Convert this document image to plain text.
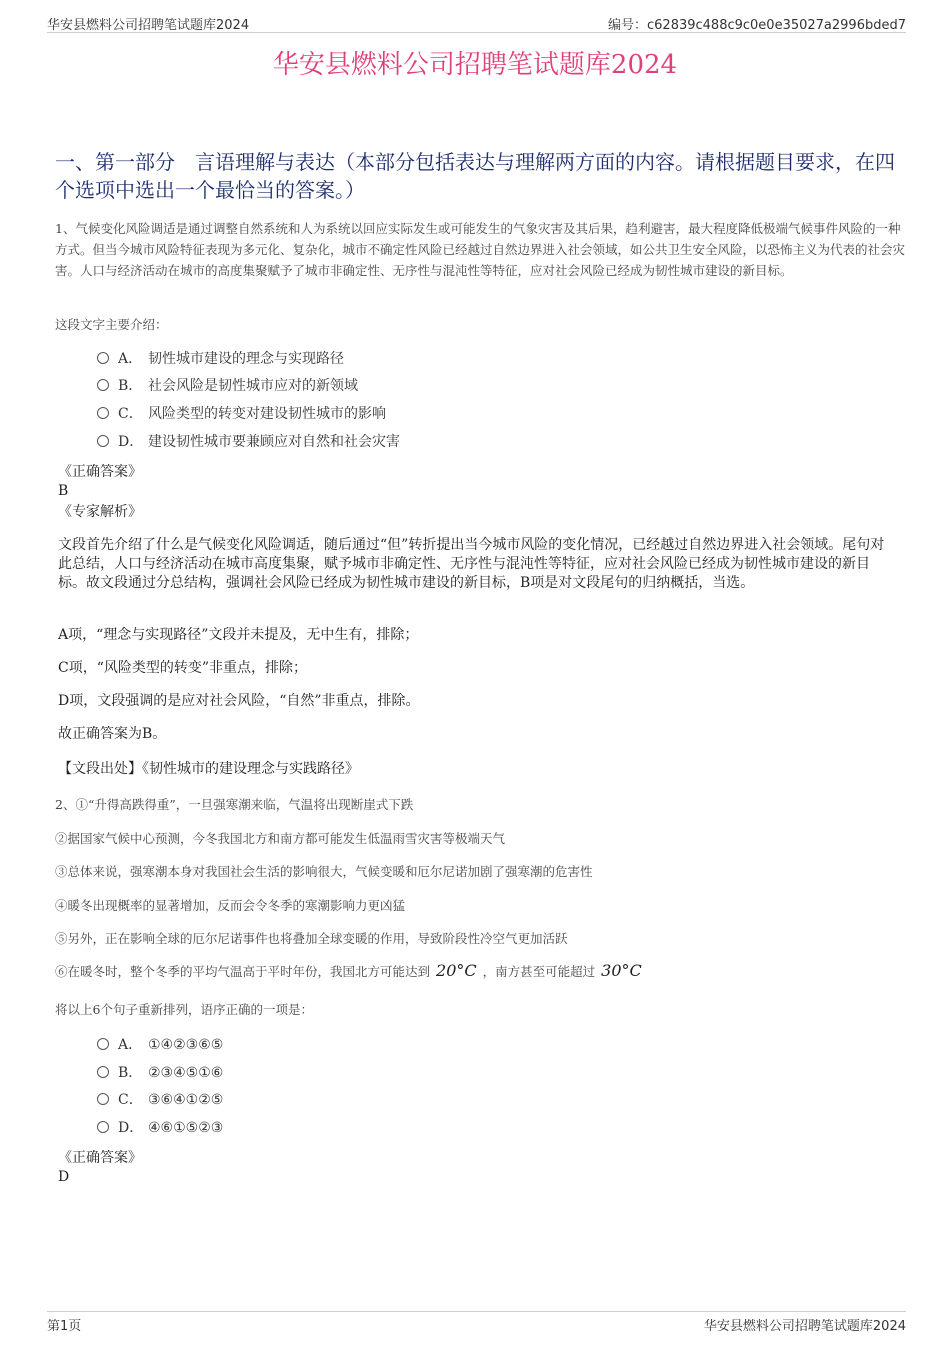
华安县燃料公司招聘笔试题库2024	编号：c62839c488c9c0e0e35027a2996bded7
华安县燃料公司招聘笔试题库2024
一、第一部分　言语理解与表达（本部分包括表达与理解两方面的内容。请根据题目要求，在四个选项中选出一个最恰当的答案。）
1、气候变化风险调适是通过调整自然系统和人为系统以回应实际发生或可能发生的气象灾害及其后果，趋利避害，最大程度降低极端气候事件风险的一种方式。但当今城市风险特征表现为多元化、复杂化，城市不确定性风险已经越过自然边界进入社会领域，如公共卫生安全风险，以恐怖主义为代表的社会灾害。人口与经济活动在城市的高度集聚赋予了城市非确定性、无序性与混沌性等特征，应对社会风险已经成为韧性城市建设的新目标。
这段文字主要介绍：
A． 韧性城市建设的理念与实现路径
B． 社会风险是韧性城市应对的新领域
C． 风险类型的转变对建设韧性城市的影响
D． 建设韧性城市要兼顾应对自然和社会灾害
《正确答案》
B
《专家解析》
文段首先介绍了什么是气候变化风险调适，随后通过“但”转折提出当今城市风险的变化情况，已经越过自然边界进入社会领域。尾句对此总结，人口与经济活动在城市高度集聚，赋予城市非确定性、无序性与混沌性等特征，应对社会风险已经成为韧性城市建设的新目标。故文段通过分总结构，强调社会风险已经成为韧性城市建设的新目标，B项是对文段尾句的归纳概括，当选。
A项，“理念与实现路径”文段并未提及，无中生有，排除；
C项，“风险类型的转变”非重点，排除；
D项，文段强调的是应对社会风险，“自然”非重点，排除。
故正确答案为B。
【文段出处】《韧性城市的建设理念与实践路径》
2、①“升得高跌得重”，一旦强寒潮来临，气温将出现断崖式下跌
②据国家气候中心预测，今冬我国北方和南方都可能发生低温雨雪灾害等极端天气
③总体来说，强寒潮本身对我国社会生活的影响很大，气候变暖和厄尔尼诺加剧了强寒潮的危害性
④暖冬出现概率的显著增加，反而会令冬季的寒潮影响力更凶猛
⑤另外，正在影响全球的厄尔尼诺事件也将叠加全球变暖的作用，导致阶段性冷空气更加活跃
⑥在暖冬时，整个冬季的平均气温高于平时年份，我国北方可能达到 20°C ，南方甚至可能超过 30°C
将以上6个句子重新排列，语序正确的一项是：
A． ①④②③⑥⑤
B． ②③④⑤①⑥
C． ③⑥④①②⑤
D． ④⑥①⑤②③
《正确答案》
D
第1页	华安县燃料公司招聘笔试题库2024
